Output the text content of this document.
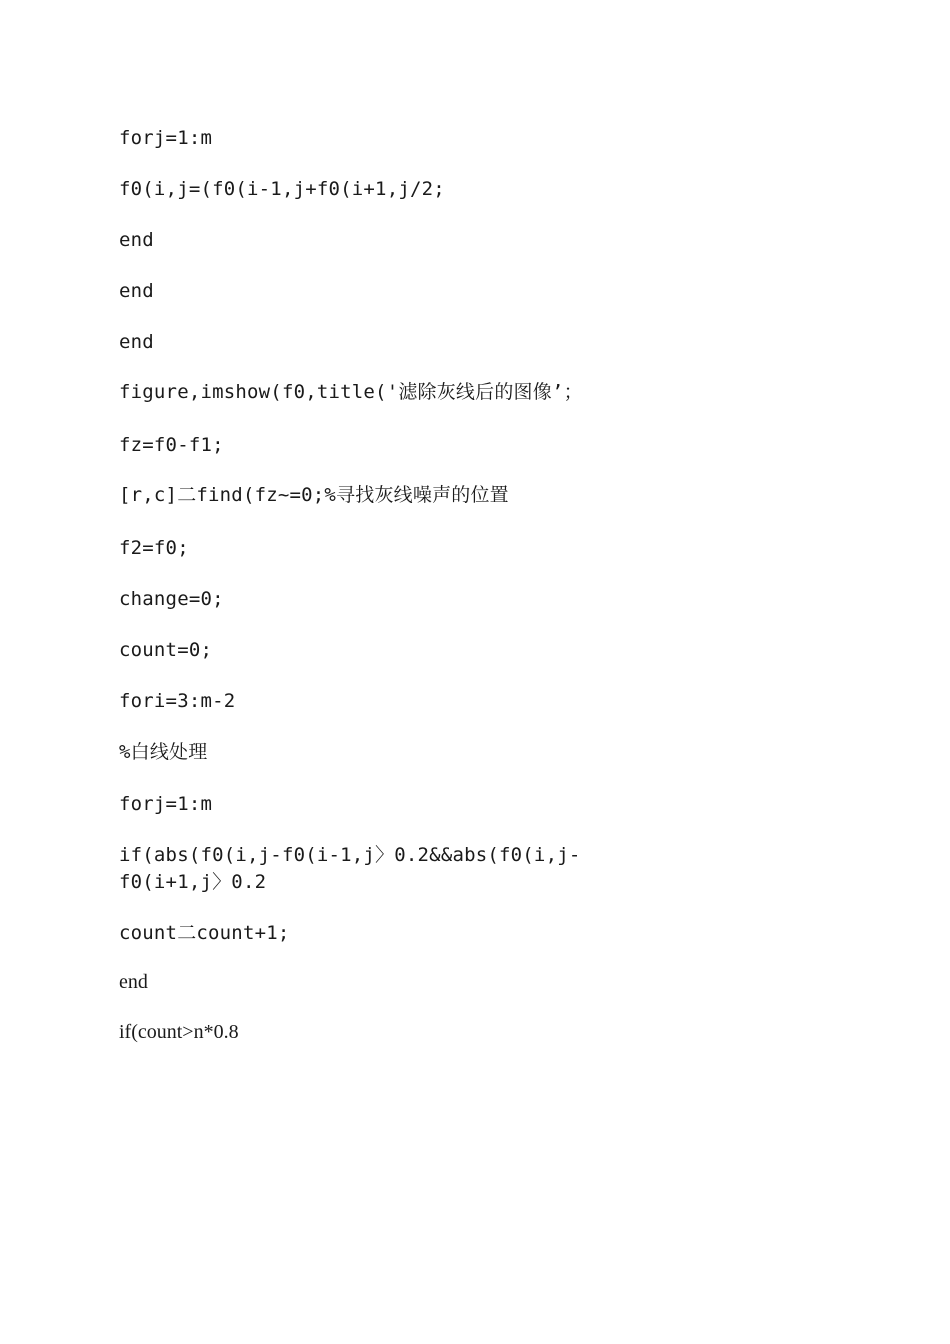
forj=1:m

f0(i,j=(f0(i-1,j+f0(i+1,j/2;

end

end

end

figure,imshow(f0,title('滤除灰线后的图像’；

fz=f0-f1;

[r,c]二find(fz~=0;%寻找灰线噪声的位置

f2=f0;

change=0;

count=0;

fori=3:m-2

%白线处理

forj=1:m

if(abs(f0(i,j-f0(i-1,j〉0.2&&abs(f0(i,j-

f0(i+1,j〉0.2

count二count+1;

end

if(count>n*0.8
